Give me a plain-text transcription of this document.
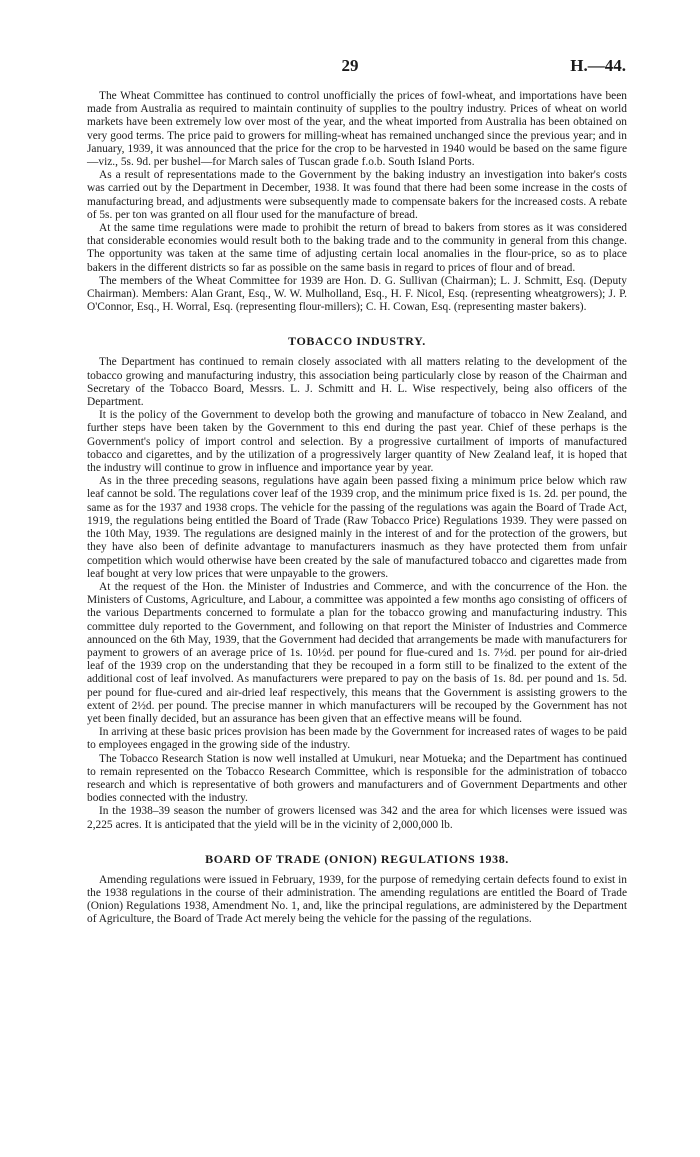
29	H.—44.

The Wheat Committee has continued to control unofficially the prices of fowl-wheat, and importations have been made from Australia as required to maintain continuity of supplies to the poultry industry. Prices of wheat on world markets have been extremely low over most of the year, and the wheat imported from Australia has been obtained on very good terms. The price paid to growers for milling-wheat has remained unchanged since the previous year; and in January, 1939, it was announced that the price for the crop to be harvested in 1940 would be based on the same figure—viz., 5s. 9d. per bushel—for March sales of Tuscan grade f.o.b. South Island Ports.

As a result of representations made to the Government by the baking industry an investigation into baker's costs was carried out by the Department in December, 1938. It was found that there had been some increase in the costs of manufacturing bread, and adjustments were subsequently made to compensate bakers for the increased costs. A rebate of 5s. per ton was granted on all flour used for the manufacture of bread.

At the same time regulations were made to prohibit the return of bread to bakers from stores as it was considered that considerable economies would result both to the baking trade and to the community in general from this change. The opportunity was taken at the same time of adjusting certain local anomalies in the flour-price, so as to place bakers in the different districts so far as possible on the same basis in regard to prices of flour and of bread.

The members of the Wheat Committee for 1939 are Hon. D. G. Sullivan (Chairman); L. J. Schmitt, Esq. (Deputy Chairman). Members: Alan Grant, Esq., W. W. Mulholland, Esq., H. F. Nicol, Esq. (representing wheatgrowers); J. P. O'Connor, Esq., H. Worral, Esq. (representing flour-millers); C. H. Cowan, Esq. (representing master bakers).

TOBACCO INDUSTRY.

The Department has continued to remain closely associated with all matters relating to the development of the tobacco growing and manufacturing industry, this association being particularly close by reason of the Chairman and Secretary of the Tobacco Board, Messrs. L. J. Schmitt and H. L. Wise respectively, being also officers of the Department.

It is the policy of the Government to develop both the growing and manufacture of tobacco in New Zealand, and further steps have been taken by the Government to this end during the past year. Chief of these perhaps is the Government's policy of import control and selection. By a progressive curtailment of imports of manufactured tobacco and cigarettes, and by the utilization of a progressively larger quantity of New Zealand leaf, it is hoped that the industry will continue to grow in influence and importance year by year.

As in the three preceding seasons, regulations have again been passed fixing a minimum price below which raw leaf cannot be sold. The regulations cover leaf of the 1939 crop, and the minimum price fixed is 1s. 2d. per pound, the same as for the 1937 and 1938 crops. The vehicle for the passing of the regulations was again the Board of Trade Act, 1919, the regulations being entitled the Board of Trade (Raw Tobacco Price) Regulations 1939. They were passed on the 10th May, 1939. The regulations are designed mainly in the interest of and for the protection of the growers, but they have also been of definite advantage to manufacturers inasmuch as they have protected them from unfair competition which would otherwise have been created by the sale of manufactured tobacco and cigarettes made from leaf bought at very low prices that were unpayable to the growers.

At the request of the Hon. the Minister of Industries and Commerce, and with the concurrence of the Hon. the Ministers of Customs, Agriculture, and Labour, a committee was appointed a few months ago consisting of officers of the various Departments concerned to formulate a plan for the tobacco growing and manufacturing industry. This committee duly reported to the Government, and following on that report the Minister of Industries and Commerce announced on the 6th May, 1939, that the Government had decided that arrangements be made with manufacturers for payment to growers of an average price of 1s. 10½d. per pound for flue-cured and 1s. 7½d. per pound for air-dried leaf of the 1939 crop on the understanding that they be recouped in a form still to be finalized to the extent of the additional cost of leaf involved. As manufacturers were prepared to pay on the basis of 1s. 8d. per pound and 1s. 5d. per pound for flue-cured and air-dried leaf respectively, this means that the Government is assisting growers to the extent of 2½d. per pound. The precise manner in which manufacturers will be recouped by the Government has not yet been finally decided, but an assurance has been given that an effective means will be found.

In arriving at these basic prices provision has been made by the Government for increased rates of wages to be paid to employees engaged in the growing side of the industry.

The Tobacco Research Station is now well installed at Umukuri, near Motueka; and the Department has continued to remain represented on the Tobacco Research Committee, which is responsible for the administration of tobacco research and which is representative of both growers and manufacturers and of Government Departments and other bodies connected with the industry.

In the 1938–39 season the number of growers licensed was 342 and the area for which licenses were issued was 2,225 acres. It is anticipated that the yield will be in the vicinity of 2,000,000 lb.

BOARD OF TRADE (ONION) REGULATIONS 1938.

Amending regulations were issued in February, 1939, for the purpose of remedying certain defects found to exist in the 1938 regulations in the course of their administration. The amending regulations are entitled the Board of Trade (Onion) Regulations 1938, Amendment No. 1, and, like the principal regulations, are administered by the Department of Agriculture, the Board of Trade Act merely being the vehicle for the passing of the regulations.
